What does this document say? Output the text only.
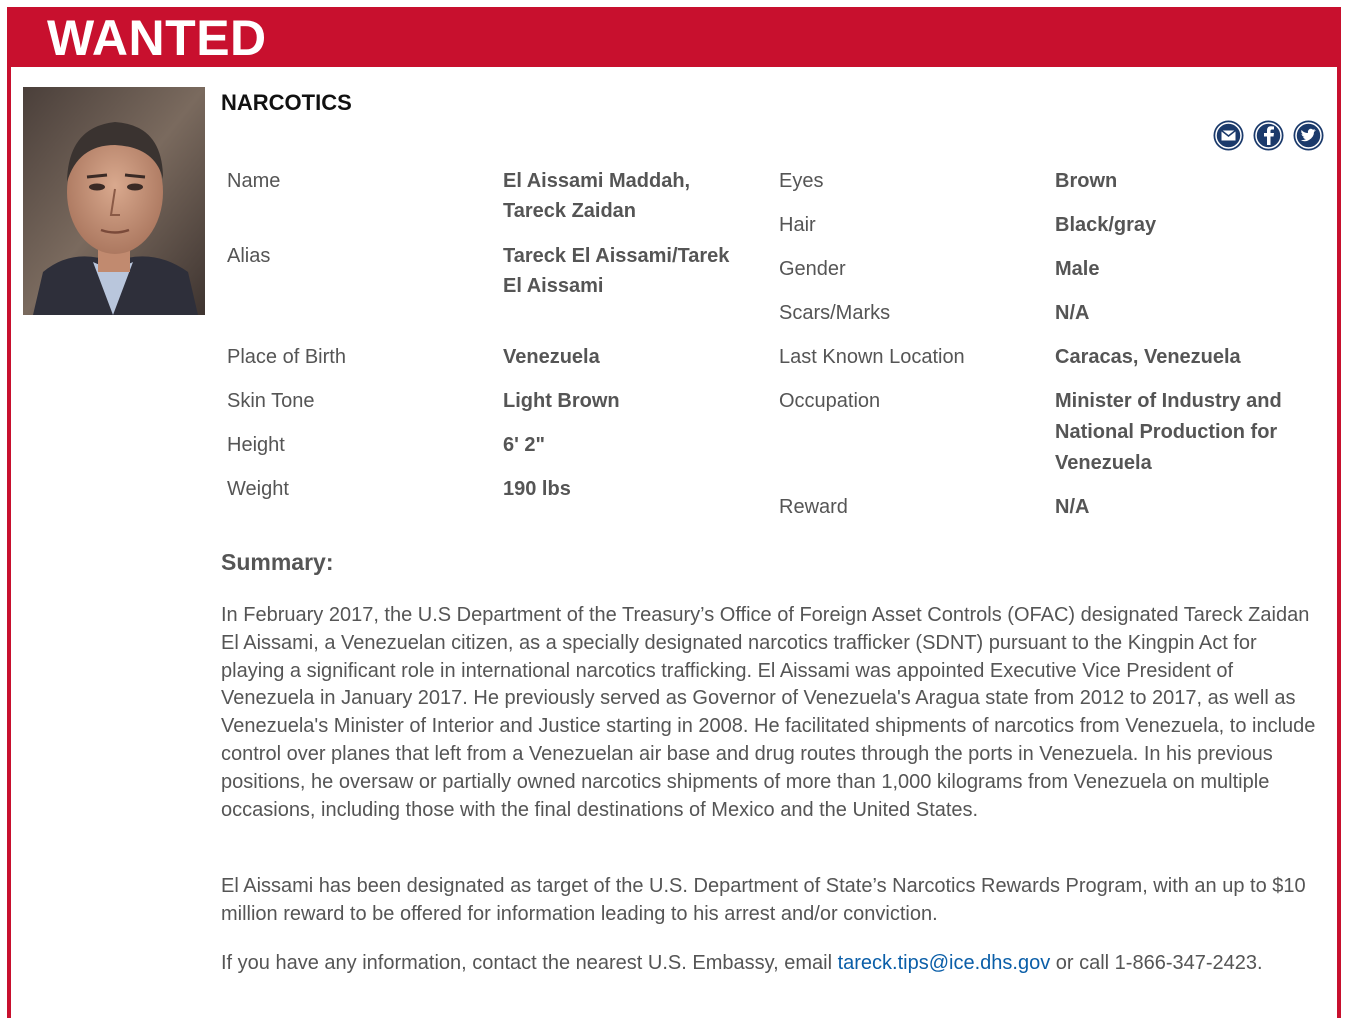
WANTED
NARCOTICS
Name	El Aissami Maddah,
Tareck Zaidan
Alias	Tareck El Aissami/Tarek
El Aissami
Place of Birth	Venezuela
Skin Tone	Light Brown
Height	6' 2"
Weight	190 lbs
Eyes	Brown
Hair	Black/gray
Gender	Male
Scars/Marks	N/A
Last Known Location	Caracas, Venezuela
Occupation	Minister of Industry and
National Production for
Venezuela
Reward	N/A
Summary:

In February 2017, the U.S Department of the Treasury’s Office of Foreign Asset Controls (OFAC) designated Tareck Zaidan El Aissami, a Venezuelan citizen, as a specially designated narcotics trafficker (SDNT) pursuant to the Kingpin Act for playing a significant role in international narcotics trafficking. El Aissami was appointed Executive Vice President of Venezuela in January 2017. He previously served as Governor of Venezuela's Aragua state from 2012 to 2017, as well as Venezuela's Minister of Interior and Justice starting in 2008. He facilitated shipments of narcotics from Venezuela, to include control over planes that left from a Venezuelan air base and drug routes through the ports in Venezuela. In his previous positions, he oversaw or partially owned narcotics shipments of more than 1,000 kilograms from Venezuela on multiple occasions, including those with the final destinations of Mexico and the United States.

El Aissami has been designated as target of the U.S. Department of State’s Narcotics Rewards Program, with an up to $10 million reward to be offered for information leading to his arrest and/or conviction.

If you have any information, contact the nearest U.S. Embassy, email tareck.tips@ice.dhs.gov or call 1-866-347-2423.
